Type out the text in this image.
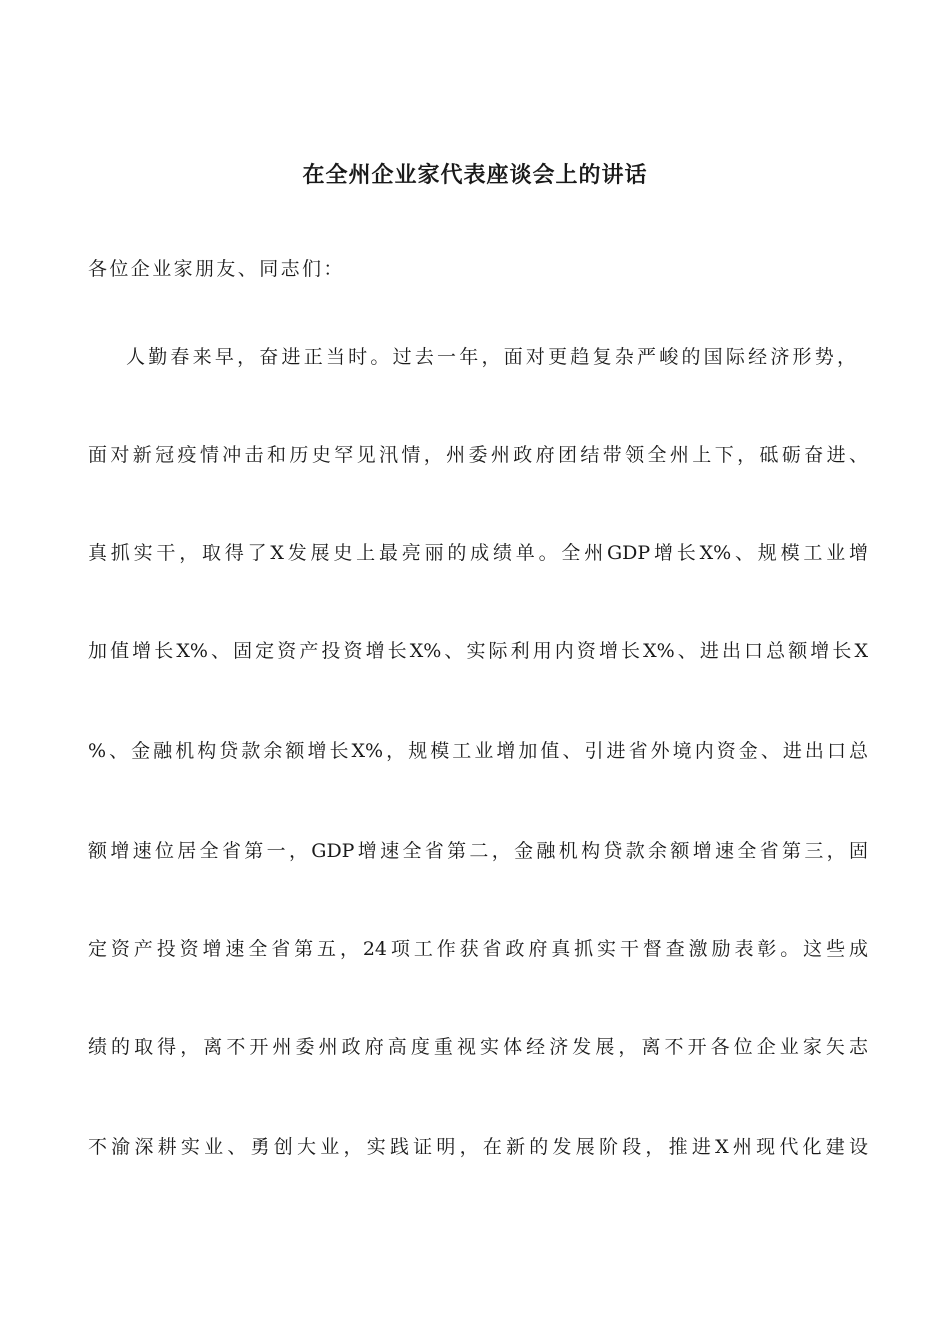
在全州企业家代表座谈会上的讲话

各位企业家朋友、同志们：

人勤春来早，奋进正当时。过去一年，面对更趋复杂严峻的国际经济形势，

面对新冠疫情冲击和历史罕见汛情，州委州政府团结带领全州上下，砥砺奋进、

真抓实干，取得了X发展史上最亮丽的成绩单。全州GDP增长X%、规模工业增

加值增长X%、固定资产投资增长X%、实际利用内资增长X%、进出口总额增长X

%、金融机构贷款余额增长X%，规模工业增加值、引进省外境内资金、进出口总

额增速位居全省第一，GDP增速全省第二，金融机构贷款余额增速全省第三，固

定资产投资增速全省第五，24项工作获省政府真抓实干督查激励表彰。这些成

绩的取得，离不开州委州政府高度重视实体经济发展，离不开各位企业家矢志

不渝深耕实业、勇创大业，实践证明，在新的发展阶段，推进X州现代化建设
